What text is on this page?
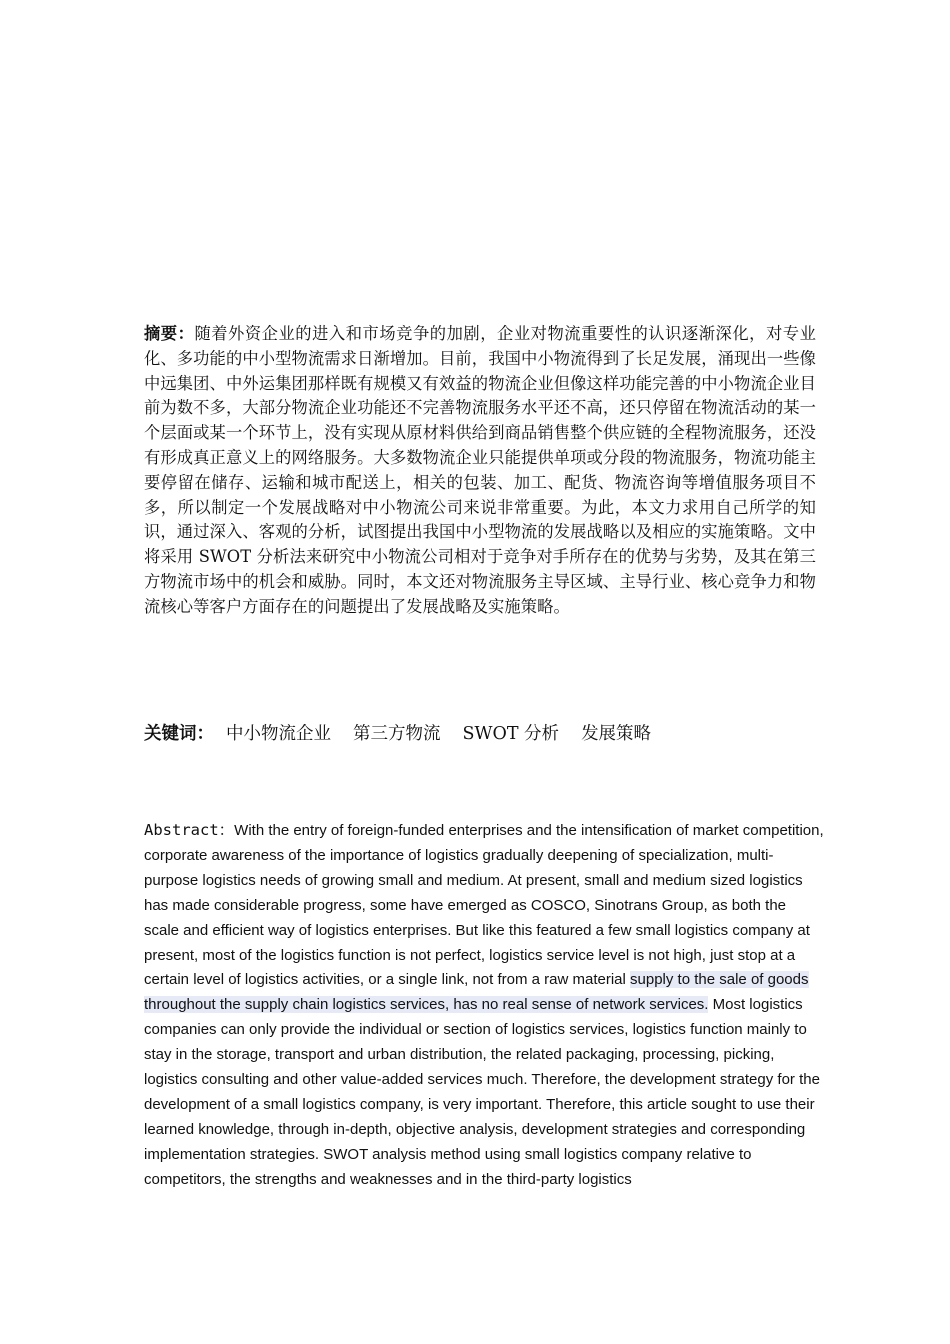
摘要：随着外资企业的进入和市场竞争的加剧，企业对物流重要性的认识逐渐深化，对专业化、多功能的中小型物流需求日渐增加。目前，我国中小物流得到了长足发展，涌现出一些像中远集团、中外运集团那样既有规模又有效益的物流企业但像这样功能完善的中小物流企业目前为数不多，大部分物流企业功能还不完善物流服务水平还不高，还只停留在物流活动的某一个层面或某一个环节上，没有实现从原材料供给到商品销售整个供应链的全程物流服务，还没有形成真正意义上的网络服务。大多数物流企业只能提供单项或分段的物流服务，物流功能主要停留在储存、运输和城市配送上，相关的包装、加工、配货、物流咨询等增值服务项目不多，所以制定一个发展战略对中小物流公司来说非常重要。为此，本文力求用自己所学的知识，通过深入、客观的分析，试图提出我国中小型物流的发展战略以及相应的实施策略。文中将采用 SWOT 分析法来研究中小物流公司相对于竞争对手所存在的优势与劣势，及其在第三方物流市场中的机会和威胁。同时，本文还对物流服务主导区域、主导行业、核心竞争力和物流核心等客户方面存在的问题提出了发展战略及实施策略。

关键词： 中小物流企业 第三方物流 SWOT 分析 发展策略

Abstract：With the entry of foreign-funded enterprises and the intensification of market competition, corporate awareness of the importance of logistics gradually deepening of specialization, multi-purpose logistics needs of growing small and medium. At present, small and medium sized logistics has made considerable progress, some have emerged as COSCO, Sinotrans Group, as both the scale and efficient way of logistics enterprises. But like this featured a few small logistics company at present, most of the logistics function is not perfect, logistics service level is not high, just stop at a certain level of logistics activities, or a single link, not from a raw material supply to the sale of goods throughout the supply chain logistics services, has no real sense of network services. Most logistics companies can only provide the individual or section of logistics services, logistics function mainly to stay in the storage, transport and urban distribution, the related packaging, processing, picking, logistics consulting and other value-added services much. Therefore, the development strategy for the development of a small logistics company, is very important. Therefore, this article sought to use their learned knowledge, through in-depth, objective analysis, development strategies and corresponding implementation strategies. SWOT analysis method using small logistics company relative to competitors, the strengths and weaknesses and in the third-party logistics
